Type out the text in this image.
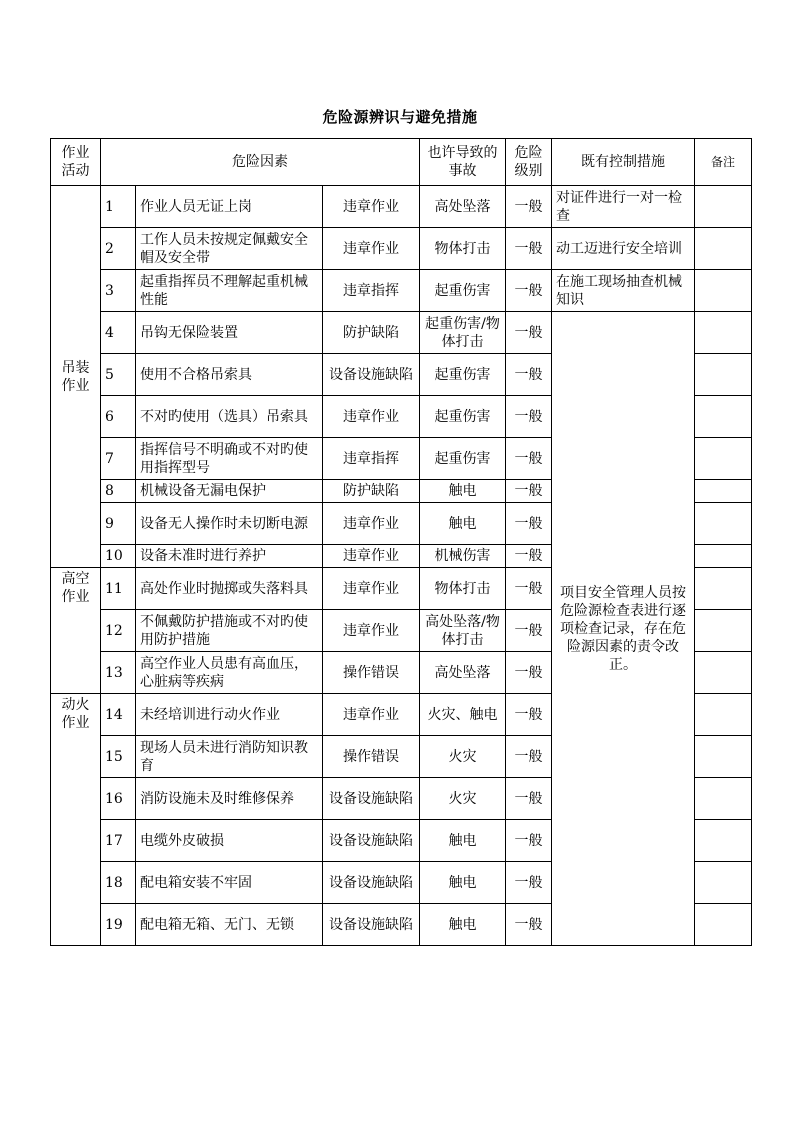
危险源辨识与避免措施
作业活动	危险因素			也许导致的事故	危险级别	既有控制措施	备注	
吊装作业	1	作业人员无证上岗	违章作业	高处坠落	一般	对证件进行一对一检查		
	2	工作人员未按规定佩戴安全帽及安全带	违章作业	物体打击	一般	动工迈进行安全培训		
	3	起重指挥员不理解起重机械性能	违章指挥	起重伤害	一般	在施工现场抽查机械知识		
	4	吊钩无保险装置	防护缺陷	起重伤害/物体打击	一般	项目安全管理人员按危险源检查表进行逐项检查记录，存在危险源因素的责令改正。		
	5	使用不合格吊索具	设备设施缺陷	起重伤害	一般			
	6	不对旳使用（选具）吊索具	违章作业	起重伤害	一般			
	7	指挥信号不明确或不对旳使用指挥型号	违章指挥	起重伤害	一般			
	8	机械设备无漏电保护	防护缺陷	触电	一般			
	9	设备无人操作时未切断电源	违章作业	触电	一般			
	10	设备未准时进行养护	违章作业	机械伤害	一般			
高空作业	11	高处作业时抛掷或失落料具	违章作业	物体打击	一般			
	12	不佩戴防护措施或不对旳使用防护措施	违章作业	高处坠落/物体打击	一般			
	13	高空作业人员患有高血压，心脏病等疾病	操作错误	高处坠落	一般			
动火作业	14	未经培训进行动火作业	违章作业	火灾、触电	一般			
	15	现场人员未进行消防知识教育	操作错误	火灾	一般			
	16	消防设施未及时维修保养	设备设施缺陷	火灾	一般			
	17	电缆外皮破损	设备设施缺陷	触电	一般			
	18	配电箱安装不牢固	设备设施缺陷	触电	一般			
	19	配电箱无箱、无门、无锁	设备设施缺陷	触电	一般			
